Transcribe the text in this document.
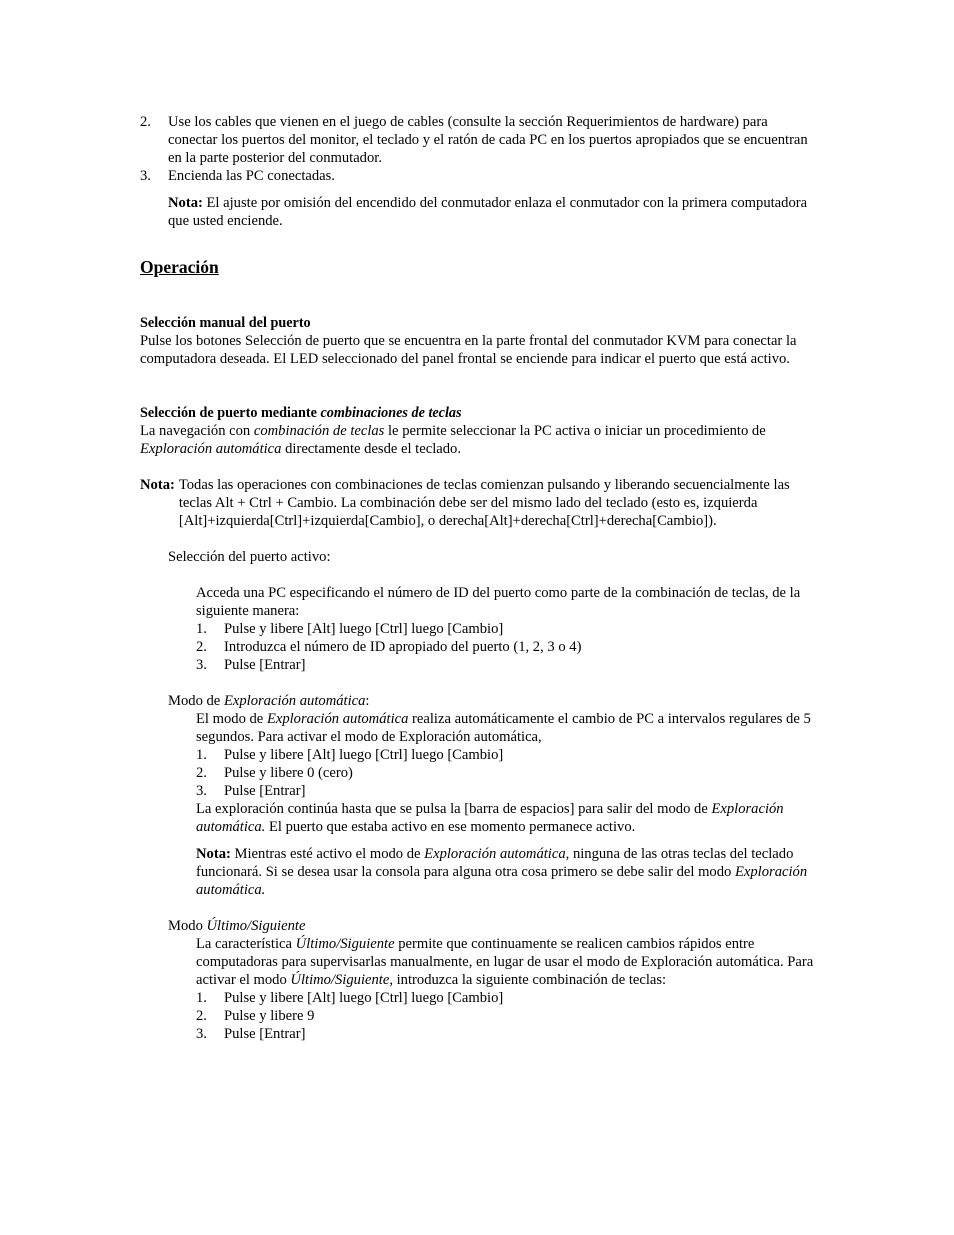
2.	Use los cables que vienen en el juego de cables (consulte la sección Requerimientos de hardware) para conectar los puertos del monitor, el teclado y el ratón de cada PC en los puertos apropiados que se encuentran en la parte posterior del conmutador.
3.	Encienda las PC conectadas.

Nota: El ajuste por omisión del encendido del conmutador enlaza el conmutador con la primera computadora que usted enciende.

Operación
Selección manual del puerto

Pulse los botones Selección de puerto que se encuentra en la parte frontal del conmutador KVM para conectar la computadora deseada. El LED seleccionado del panel frontal se enciende para indicar el puerto que está activo.

Selección de puerto mediante combinaciones de teclas

La navegación con combinación de teclas le permite seleccionar la PC activa o iniciar un procedimiento de Exploración automática directamente desde el teclado.

Nota: Todas las operaciones con combinaciones de teclas comienzan pulsando y liberando secuencialmente las teclas Alt + Ctrl + Cambio. La combinación debe ser del mismo lado del teclado (esto es, izquierda [Alt]+izquierda[Ctrl]+izquierda[Cambio], o derecha[Alt]+derecha[Ctrl]+derecha[Cambio]).

Selección del puerto activo:

Acceda una PC especificando el número de ID del puerto como parte de la combinación de teclas, de la siguiente manera:

1.	Pulse y libere [Alt] luego [Ctrl] luego [Cambio]
2.	Introduzca el número de ID apropiado del puerto (1, 2, 3 o 4)
3.	Pulse [Entrar]

Modo de Exploración automática:

El modo de Exploración automática realiza automáticamente el cambio de PC a intervalos regulares de 5 segundos. Para activar el modo de Exploración automática,

1.	Pulse y libere [Alt] luego [Ctrl] luego [Cambio]
2.	Pulse y libere 0 (cero)
3.	Pulse [Entrar]

La exploración continúa hasta que se pulsa la [barra de espacios] para salir del modo de Exploración automática. El puerto que estaba activo en ese momento permanece activo.

Nota: Mientras esté activo el modo de Exploración automática, ninguna de las otras teclas del teclado funcionará. Si se desea usar la consola para alguna otra cosa primero se debe salir del modo Exploración automática.

Modo Último/Siguiente

La característica Último/Siguiente permite que continuamente se realicen cambios rápidos entre computadoras para supervisarlas manualmente, en lugar de usar el modo de Exploración automática. Para activar el modo Último/Siguiente, introduzca la siguiente combinación de teclas:

1.	Pulse y libere [Alt] luego [Ctrl] luego [Cambio]
2.	Pulse y libere 9
3.	Pulse [Entrar]
